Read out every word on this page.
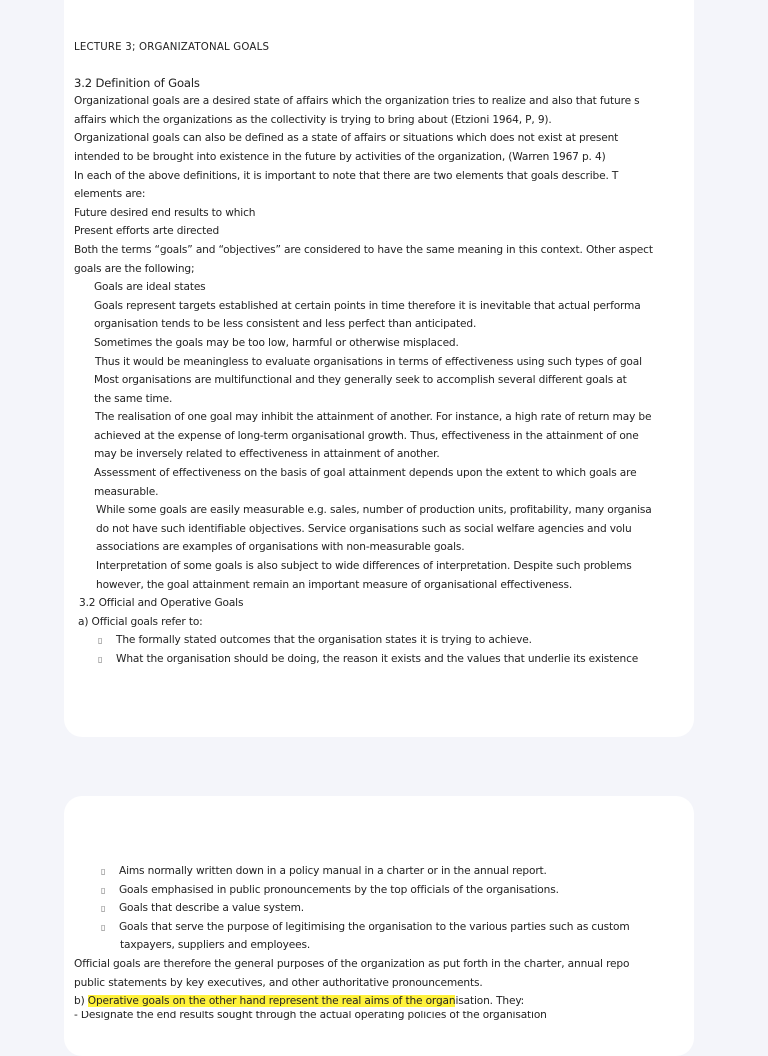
LECTURE 3; ORGANIZATONAL GOALS
3.2 Definition of Goals
Organizational goals are a desired state of affairs which the organization tries to realize and also that future s
affairs which the organizations as the collectivity is trying to bring about (Etzioni 1964, P, 9).
Organizational goals can also be defined as a state of affairs or situations which does not exist at present
intended to be brought into existence in the future by activities of the organization, (Warren 1967 p. 4)
In each of the above definitions, it is important to note that there are two elements that goals describe. T
elements are:
Future desired end results to which
Present efforts arte directed
Both the terms “goals” and “objectives” are considered to have the same meaning in this context. Other aspect
goals are the following;
Goals are ideal states
Goals represent targets established at certain points in time therefore it is inevitable that actual performa
organisation tends to be less consistent and less perfect than anticipated.
Sometimes the goals may be too low, harmful or otherwise misplaced.
Thus it would be meaningless to evaluate organisations in terms of effectiveness using such types of goal
Most organisations are multifunctional and they generally seek to accomplish several different goals at
the same time.
The realisation of one goal may inhibit the attainment of another. For instance, a high rate of return may be
achieved at the expense of long-term organisational growth. Thus, effectiveness in the attainment of one
may be inversely related to effectiveness in attainment of another.
Assessment of effectiveness on the basis of goal attainment depends upon the extent to which goals are
measurable.
While some goals are easily measurable e.g. sales, number of production units, profitability, many organisa
do not have such identifiable objectives. Service organisations such as social welfare agencies and volu
associations are examples of organisations with non-measurable goals.
Interpretation of some goals is also subject to wide differences of interpretation. Despite such problems
however, the goal attainment remain an important measure of organisational effectiveness.
3.2 Official and Operative Goals
a) Official goals refer to:
▯ The formally stated outcomes that the organisation states it is trying to achieve.
▯ What the organisation should be doing, the reason it exists and the values that underlie its existence
▯ Aims normally written down in a policy manual in a charter or in the annual report.
▯ Goals emphasised in public pronouncements by the top officials of the organisations.
▯ Goals that describe a value system.
▯ Goals that serve the purpose of legitimising the organisation to the various parties such as custom
taxpayers, suppliers and employees.
Official goals are therefore the general purposes of the organization as put forth in the charter, annual repo
public statements by key executives, and other authoritative pronouncements.
b) Operative goals on the other hand represent the real aims of the organisation. They:
- Designate the end results sought through the actual operating policies of the organisation
